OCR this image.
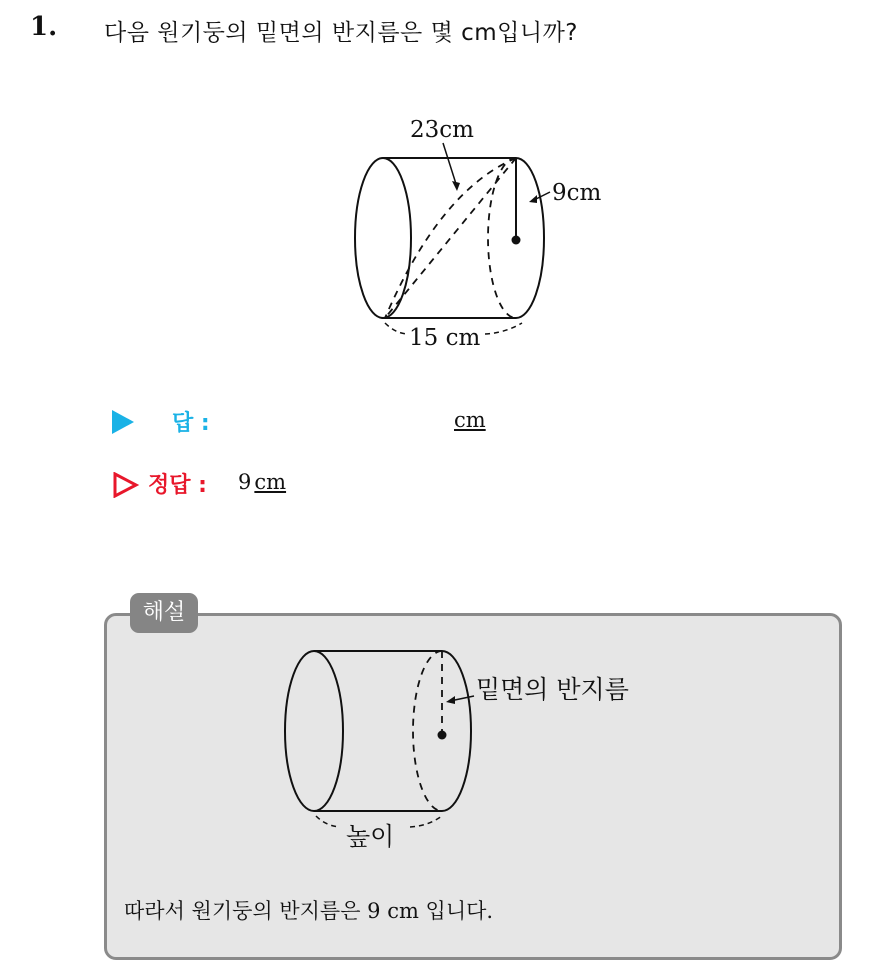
1. 다음 원기둥의 밑면의 반지름은 몇 cm입니까?
23cm
9cm
15 cm
답 :	cm
정답 : 9 cm
해설
밑면의 반지름
높이
따라서 원기둥의 반지름은 9 cm 입니다.
